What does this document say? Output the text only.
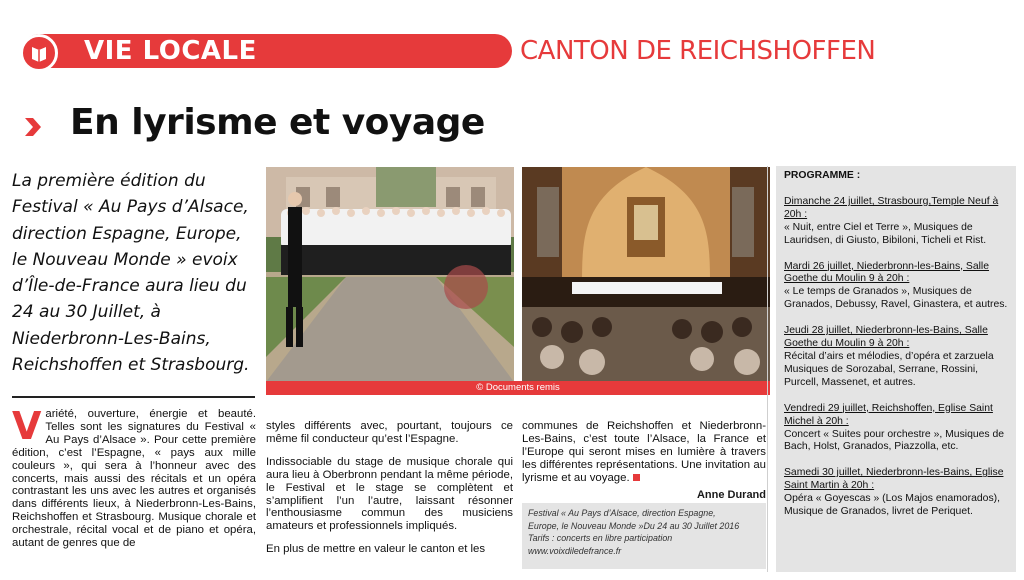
VIE LOCALE	CANTON DE REICHSHOFFEN
En lyrisme et voyage
La première édition du Festival « Au Pays d’Alsace, direction Espagne, Europe, le Nouveau Monde » evoix d’Île-de-France aura lieu du 24 au 30 Juillet, à Niederbronn-Les-Bains, Reichshoffen et Strasbourg.
© Documents remis
Variété, ouverture, énergie et beauté. Telles sont les signatures du Festival « Au Pays d’Alsace ». Pour cette première édition, c’est l’Espagne, « pays aux mille couleurs », qui sera à l’honneur avec des concerts, mais aussi des récitals et un opéra contrastant les uns avec les autres et organisés dans différents lieux, à Niederbronn-Les-Bains, Reichshoffen et Strasbourg. Musique chorale et orchestrale, récital vocal et de piano et opéra, autant de genres que de

styles différents avec, pourtant, toujours ce même fil conducteur qu’est l’Espagne.

Indissociable du stage de musique chorale qui aura lieu à Oberbronn pendant la même période, le Festival et le stage se complètent et s’amplifient l’un l’autre, laissant résonner l’enthousiasme commun des musiciens amateurs et professionnels impliqués.

En plus de mettre en valeur le canton et les

communes de Reichshoffen et Niederbronn-Les-Bains, c’est toute l’Alsace, la France et l’Europe qui seront mises en lumière à travers les différentes représentations. Une invitation au lyrisme et au voyage.
Anne Durand
Festival « Au Pays d’Alsace, direction Espagne,
Europe, le Nouveau Monde »Du 24 au 30 Juillet 2016
Tarifs : concerts en libre participation
www.voixdiledefrance.fr
PROGRAMME :
Dimanche 24 juillet, Strasbourg,Temple Neuf à 20h :
« Nuit, entre Ciel et Terre », Musiques de Lauridsen, di Giusto, Bibiloni, Ticheli et Rist.
Mardi 26 juillet, Niederbronn-les-Bains, Salle Goethe du Moulin 9 à 20h :
« Le temps de Granados », Musiques de Granados, Debussy, Ravel, Ginastera, et autres.
Jeudi 28 juillet, Niederbronn-les-Bains, Salle Goethe du Moulin 9 à 20h :
Récital d’airs et mélodies, d’opéra et zarzuela Musiques de Sorozabal, Serrane, Rossini, Purcell, Massenet, et autres.
Vendredi 29 juillet, Reichshoffen, Eglise Saint Michel à 20h :
Concert « Suites pour orchestre », Musiques de Bach, Holst, Granados, Piazzolla, etc.
Samedi 30 juillet, Niederbronn-les-Bains, Eglise Saint Martin à 20h :
Opéra « Goyescas » (Los Majos enamorados), Musique de Granados, livret de Periquet.
